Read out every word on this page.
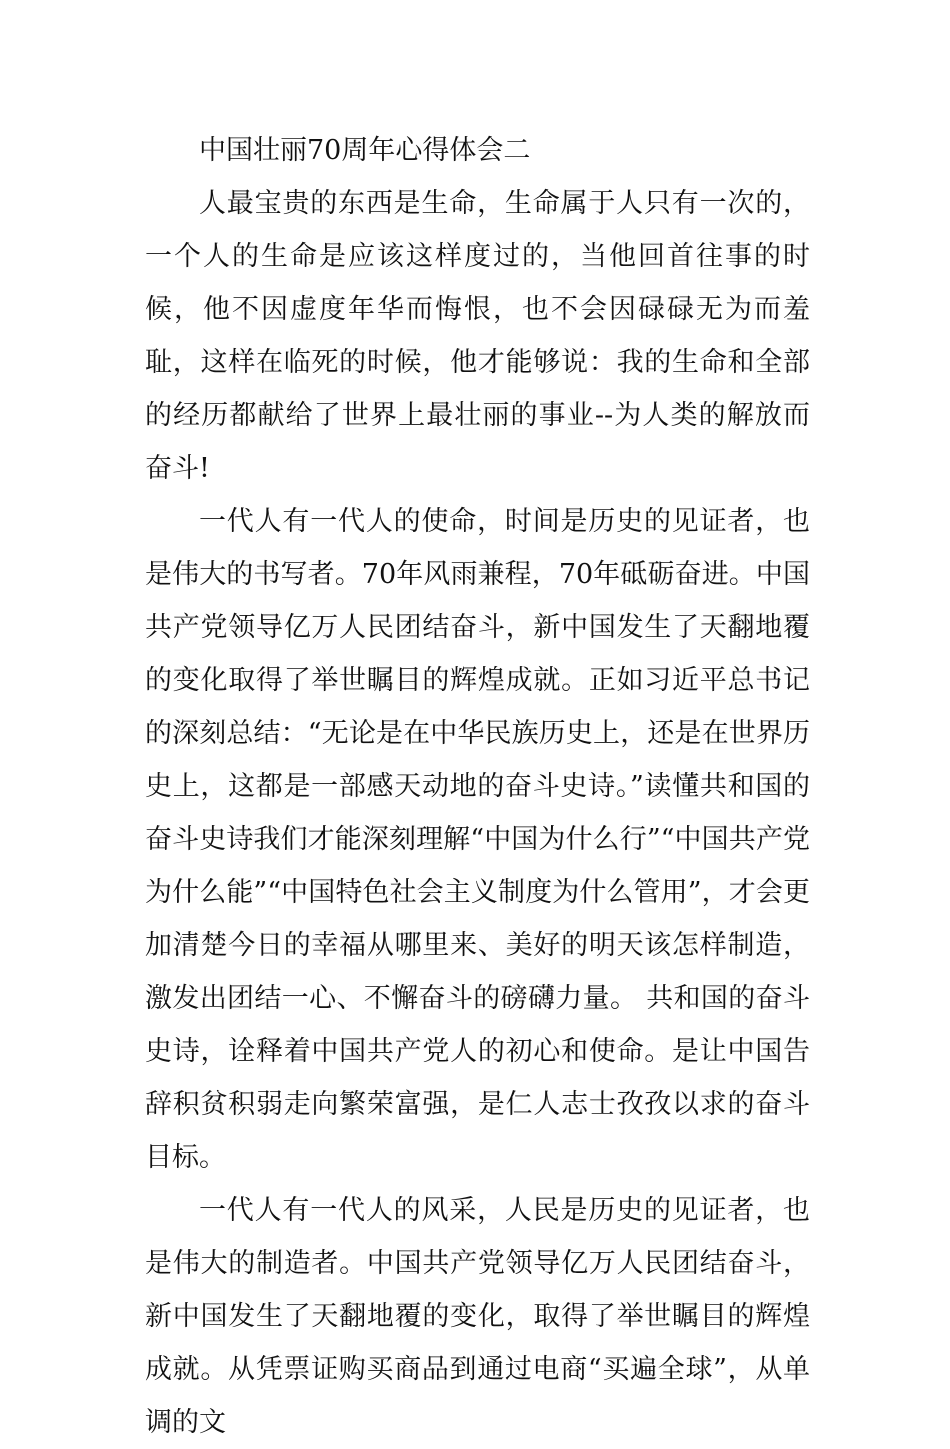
中国壮丽70周年心得体会二

人最宝贵的东西是生命，生命属于人只有一次的，一个人的生命是应该这样度过的，当他回首往事的时候，他不因虚度年华而悔恨，也不会因碌碌无为而羞耻，这样在临死的时候，他才能够说：我的生命和全部的经历都献给了世界上最壮丽的事业--为人类的解放而奋斗!

一代人有一代人的使命，时间是历史的见证者，也是伟大的书写者。70年风雨兼程，70年砥砺奋进。中国共产党领导亿万人民团结奋斗，新中国发生了天翻地覆的变化取得了举世瞩目的辉煌成就。正如习近平总书记的深刻总结：“无论是在中华民族历史上，还是在世界历史上，这都是一部感天动地的奋斗史诗。”读懂共和国的奋斗史诗我们才能深刻理解“中国为什么行”“中国共产党为什么能”“中国特色社会主义制度为什么管用”，才会更加清楚今日的幸福从哪里来、美好的明天该怎样制造，激发出团结一心、不懈奋斗的磅礴力量。 共和国的奋斗史诗，诠释着中国共产党人的初心和使命。是让中国告辞积贫积弱走向繁荣富强，是仁人志士孜孜以求的奋斗目标。

一代人有一代人的风采，人民是历史的见证者，也是伟大的制造者。中国共产党领导亿万人民团结奋斗，新中国发生了天翻地覆的变化，取得了举世瞩目的辉煌成就。从凭票证购买商品到通过电商“买遍全球”，从单调的文
